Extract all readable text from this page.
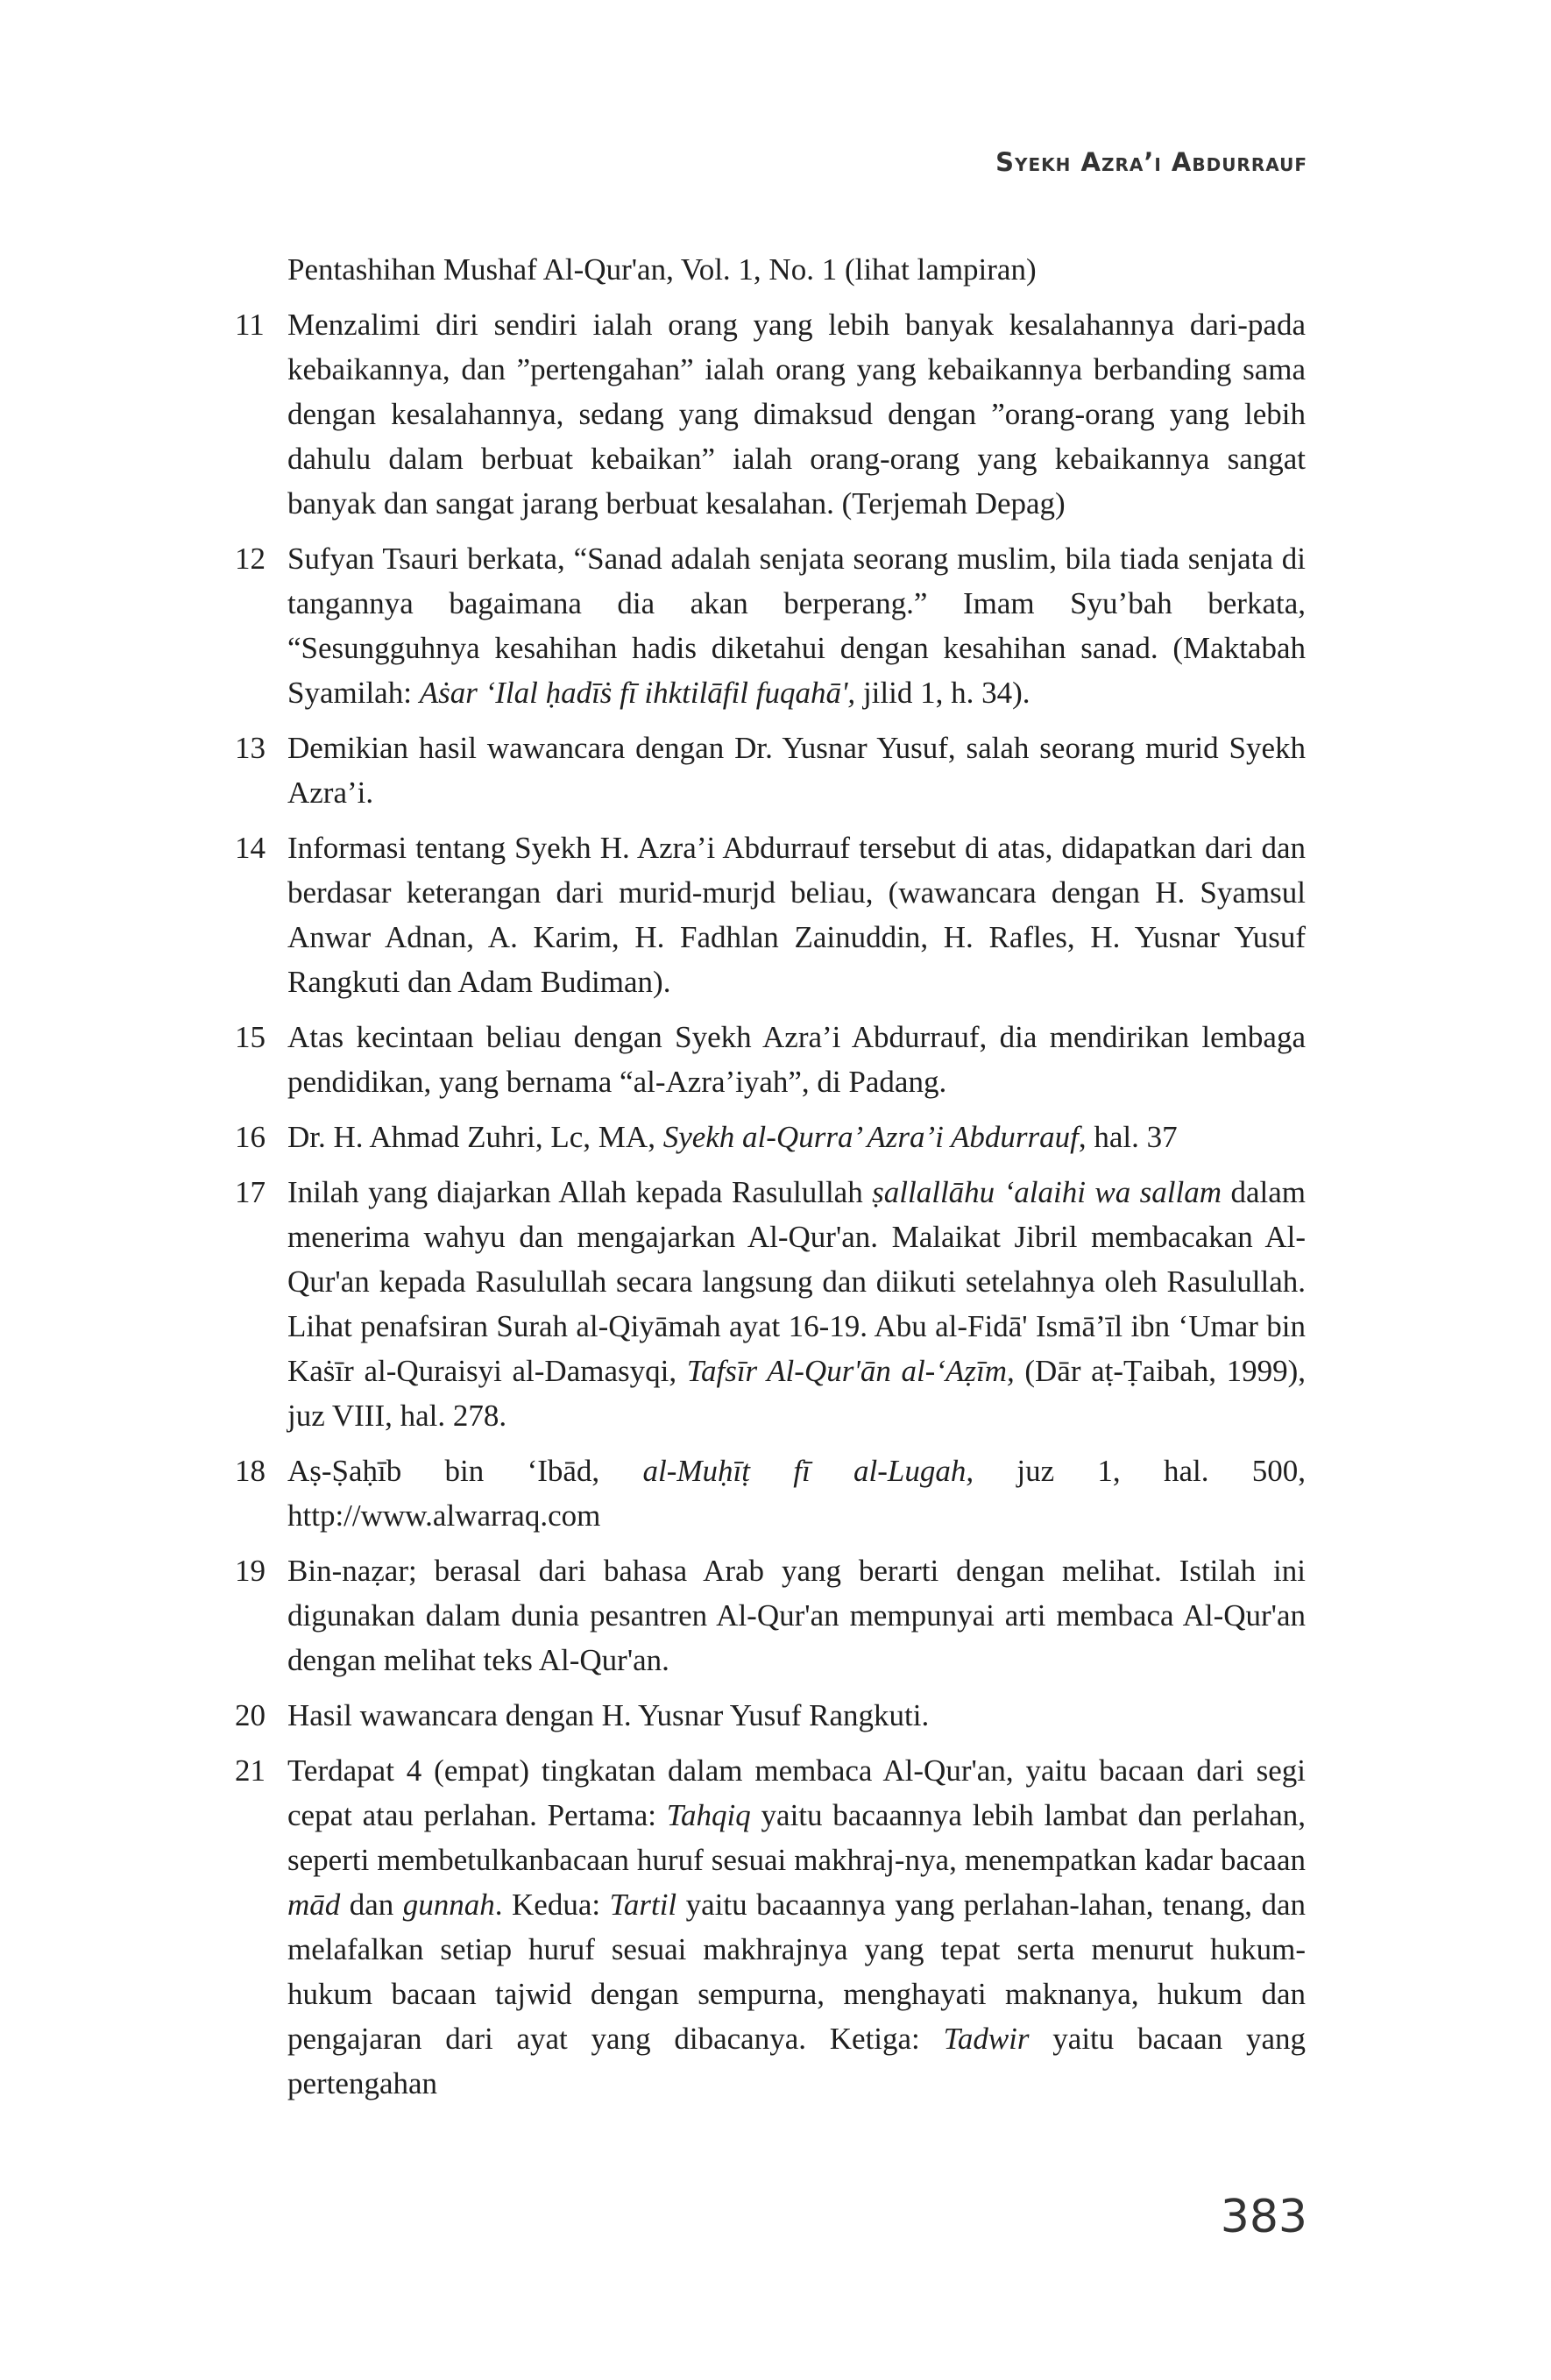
Syekh Azra’i Abdurrauf
Pentashihan Mushaf Al-Qur'an, Vol. 1, No. 1 (lihat lampiran)
11 Menzalimi diri sendiri ialah orang yang lebih banyak kesalahannya dari-pada kebaikannya, dan ”pertengahan” ialah orang yang kebaikannya berbanding sama dengan kesalahannya, sedang yang dimaksud dengan ”orang-orang yang lebih dahulu dalam berbuat kebaikan” ialah orang-orang yang kebaikannya sangat banyak dan sangat jarang berbuat kesalahan. (Terjemah Depag)
12 Sufyan Tsauri berkata, “Sanad adalah senjata seorang muslim, bila tiada senjata di tangannya bagaimana dia akan berperang.” Imam Syu’bah berkata, “Sesungguhnya kesahihan hadis diketahui dengan kesahihan sanad. (Maktabah Syamilah: Aṡar ‘Ilal ḥadīṡ fī ihktilāfil fuqahā', jilid 1, h. 34).
13 Demikian hasil wawancara dengan Dr. Yusnar Yusuf, salah seorang murid Syekh Azra’i.
14 Informasi tentang Syekh H. Azra’i Abdurrauf tersebut di atas, didapatkan dari dan berdasar keterangan dari murid-murjd beliau, (wawancara dengan H. Syamsul Anwar Adnan, A. Karim, H. Fadhlan Zainuddin, H. Rafles, H. Yusnar Yusuf Rangkuti dan Adam Budiman).
15 Atas kecintaan beliau dengan Syekh Azra’i Abdurrauf, dia mendirikan lembaga pendidikan, yang bernama “al-Azra’iyah”, di Padang.
16 Dr. H. Ahmad Zuhri, Lc, MA, Syekh al-Qurra’ Azra’i Abdurrauf, hal. 37
17 Inilah yang diajarkan Allah kepada Rasulullah ṣallallāhu ‘alaihi wa sallam dalam menerima wahyu dan mengajarkan Al-Qur'an. Malaikat Jibril membacakan Al-Qur'an kepada Rasulullah secara langsung dan diikuti setelahnya oleh Rasulullah. Lihat penafsiran Surah al-Qiyāmah ayat 16-19. Abu al-Fidā' Ismā’īl ibn ‘Umar bin Kaṡīr al-Quraisyi al-Damasyqi, Tafsīr Al-Qur'ān al-‘Aẓīm, (Dār aṭ-Ṭaibah, 1999), juz VIII, hal. 278.
18 Aṣ-Ṣaḥīb bin ‘Ibād, al-Muḥīṭ fī al-Lugah, juz 1, hal. 500, http://www.alwarraq.com
19 Bin-naẓar; berasal dari bahasa Arab yang berarti dengan melihat. Istilah ini digunakan dalam dunia pesantren Al-Qur'an mempunyai arti membaca Al-Qur'an dengan melihat teks Al-Qur'an.
20 Hasil wawancara dengan H. Yusnar Yusuf Rangkuti.
21 Terdapat 4 (empat) tingkatan dalam membaca Al-Qur'an, yaitu bacaan dari segi cepat atau perlahan. Pertama: Tahqiq yaitu bacaannya lebih lambat dan perlahan, seperti membetulkanbacaan huruf sesuai makhraj-nya, menempatkan kadar bacaan mād dan gunnah. Kedua: Tartil yaitu bacaannya yang perlahan-lahan, tenang, dan melafalkan setiap huruf sesuai makhrajnya yang tepat serta menurut hukum-hukum bacaan tajwid dengan sempurna, menghayati maknanya, hukum dan pengajaran dari ayat yang dibacanya. Ketiga: Tadwir yaitu bacaan yang pertengahan
383
